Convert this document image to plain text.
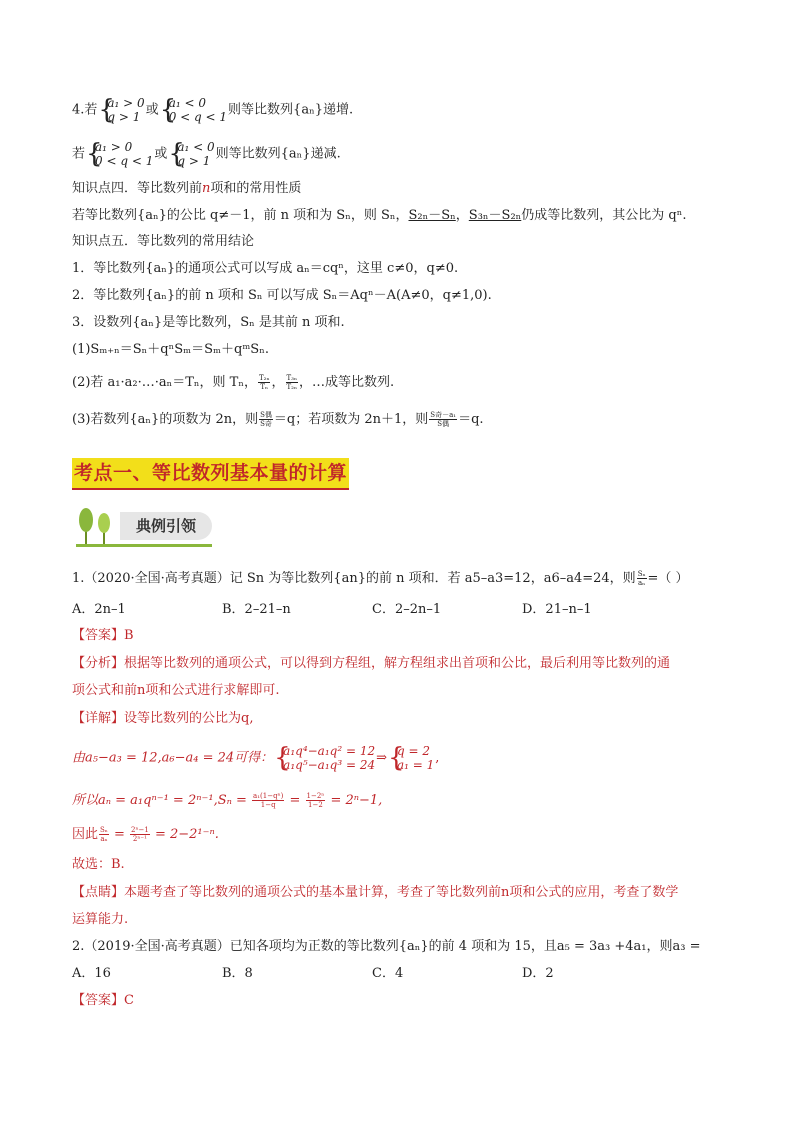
4.若 {
a₁ > 0
q > 1 或 {
a₁ < 0
0 < q < 1 则等比数列{aₙ}递增.
若 {
a₁ > 0
0 < q < 1 或 {
a₁ < 0
q > 1 则等比数列{aₙ}递减.
知识点四．等比数列前n项和的常用性质
若等比数列{aₙ}的公比 q≠－1，前 n 项和为 Sₙ，则 Sₙ，S₂ₙ－Sₙ，S₃ₙ－S₂ₙ仍成等比数列，其公比为 qⁿ.
知识点五．等比数列的常用结论
1．等比数列{aₙ}的通项公式可以写成 aₙ＝cqⁿ，这里 c≠0，q≠0.
2．等比数列{aₙ}的前 n 项和 Sₙ 可以写成 Sₙ＝Aqⁿ－A(A≠0，q≠1,0).
3．设数列{aₙ}是等比数列，Sₙ 是其前 n 项和.
(1)Sₘ₊ₙ＝Sₙ＋qⁿSₘ＝Sₘ＋qᵐSₙ.
(2)若 a₁·a₂·…·aₙ＝Tₙ，则 Tₙ， $\frac{\text{T₂ₙ}}{\text{Tₙ}}$ ， $\frac{\text{T₃ₙ}}{\text{T₂ₙ}}$ ，…成等比数列.
(3)若数列{aₙ}的项数为 2n，则 $\frac{\text{S偶}}{\text{S奇}} =q$；若项数为 2n＋1，则 $\frac{\text{S奇－a₁}}{\text{S偶}} =q$.
考点一、等比数列基本量的计算
典例引领
1.（2020·全国·高考真题）记 Sn 为等比数列{an}的前 n 项和．若 a5–a3=12，a6–a4=24，则 $\frac{\text{Sₙ}}{\text{aₙ}}$ =（ ）
A．2n–1	B．2–21–n	C．2–2n–1	D．21–n–1
【答案】B
【分析】根据等比数列的通项公式，可以得到方程组，解方程组求出首项和公比，最后利用等比数列的通
项公式和前n项和公式进行求解即可.
【详解】设等比数列的公比为q,
由a₅−a₃ = 12,a₆−a₄ = 24可得： {
a₁q⁴−a₁q² = 12
a₁q⁵−a₁q³ = 24 ⇒ {
q = 2
a₁ = 1 ,
所以$a_n = a_1q^{n-1} = 2^{n-1},S_n = \frac{\text{a₁(1−qⁿ)}}{1-q} = \frac{\text{1−2ⁿ}}{1-2} = 2^n-1$,
因此 $\frac{\text{Sₙ}}{\text{aₙ}} = \frac{\text{2ⁿ−1}}{\text{2ⁿ⁻¹}} = 2-2^{1-n}$.
故选：B.
【点睛】本题考查了等比数列的通项公式的基本量计算，考查了等比数列前n项和公式的应用，考查了数学
运算能力.
2.（2019·全国·高考真题）已知各项均为正数的等比数列{aₙ}的前 4 项和为 15，且a₅ = 3a₃ +4a₁，则a₃ =
A．16	B．8	C．4	D．2
【答案】C
